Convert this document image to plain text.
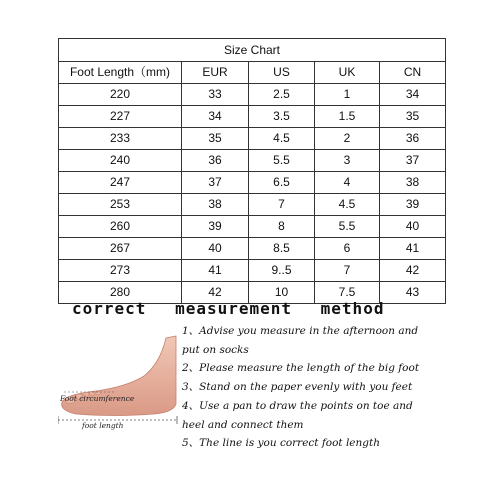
Size Chart				
Foot Length（mm)	EUR	US	UK	CN
220	33	2.5	1	34
227	34	3.5	1.5	35
233	35	4.5	2	36
240	36	5.5	3	37
247	37	6.5	4	38
253	38	7	4.5	39
260	39	8	5.5	40
267	40	8.5	6	41
273	41	9..5	7	42
280	42	10	7.5	43
correct measurement method
Foot circumference
foot length
1、Advise you measure in the afternoon and
put on socks
2、Please measure the length of the big foot
3、Stand on the paper evenly with you feet
4、Use a pan to draw the points on toe and
heel and connect them
5、The line is you correct foot length
